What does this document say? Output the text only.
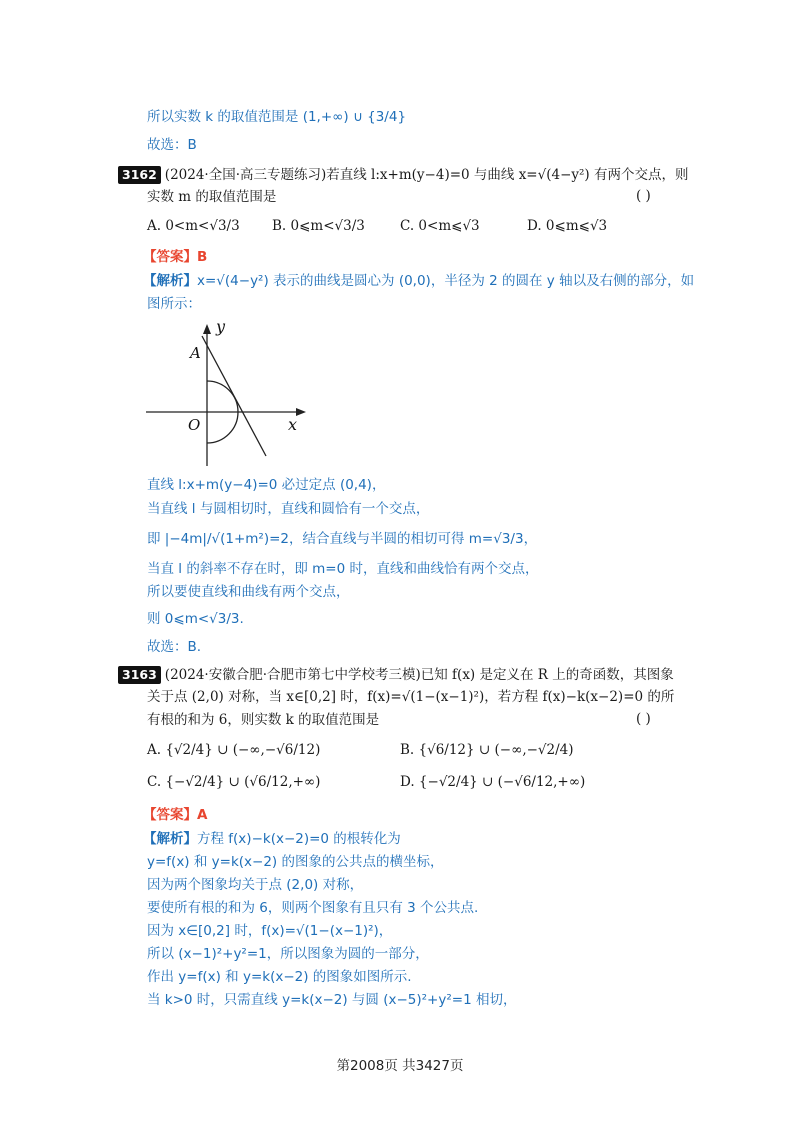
所以实数 k 的取值范围是 (1,+∞) ∪ {3/4}
故选：B
3162 (2024·全国·高三专题练习)若直线 l:x+m(y−4)=0 与曲线 x=√(4−y²) 有两个交点，则
实数 m 的取值范围是	( )
A. 0<m<√3/3 B. 0⩽m<√3/3	C. 0<m⩽√3	D. 0⩽m⩽√3
【答案】B
【解析】x=√(4−y²) 表示的曲线是圆心为 (0,0)，半径为 2 的圆在 y 轴以及右侧的部分，如
图所示：
y
A
O	x
直线 l:x+m(y−4)=0 必过定点 (0,4)，
当直线 l 与圆相切时，直线和圆恰有一个交点，
即 |−4m|/√(1+m²)=2，结合直线与半圆的相切可得 m=√3/3，
当直 l 的斜率不存在时，即 m=0 时，直线和曲线恰有两个交点，
所以要使直线和曲线有两个交点，
则 0⩽m<√3/3.
故选：B.
3163 (2024·安徽合肥·合肥市第七中学校考三模)已知 f(x) 是定义在 R 上的奇函数，其图象
关于点 (2,0) 对称，当 x∈[0,2] 时，f(x)=√(1−(x−1)²)，若方程 f(x)−k(x−2)=0 的所
有根的和为 6，则实数 k 的取值范围是	( )
A. {√2/4} ∪ (−∞,−√6/12)	B. {√6/12} ∪ (−∞,−√2/4)
C. {−√2/4} ∪ (√6/12,+∞)	D. {−√2/4} ∪ (−√6/12,+∞)
【答案】A
【解析】方程 f(x)−k(x−2)=0 的根转化为
y=f(x) 和 y=k(x−2) 的图象的公共点的横坐标，
因为两个图象均关于点 (2,0) 对称，
要使所有根的和为 6，则两个图象有且只有 3 个公共点.
因为 x∈[0,2] 时，f(x)=√(1−(x−1)²)，
所以 (x−1)²+y²=1，所以图象为圆的一部分，
作出 y=f(x) 和 y=k(x−2) 的图象如图所示.
当 k>0 时，只需直线 y=k(x−2) 与圆 (x−5)²+y²=1 相切，
第2008页 共3427页
